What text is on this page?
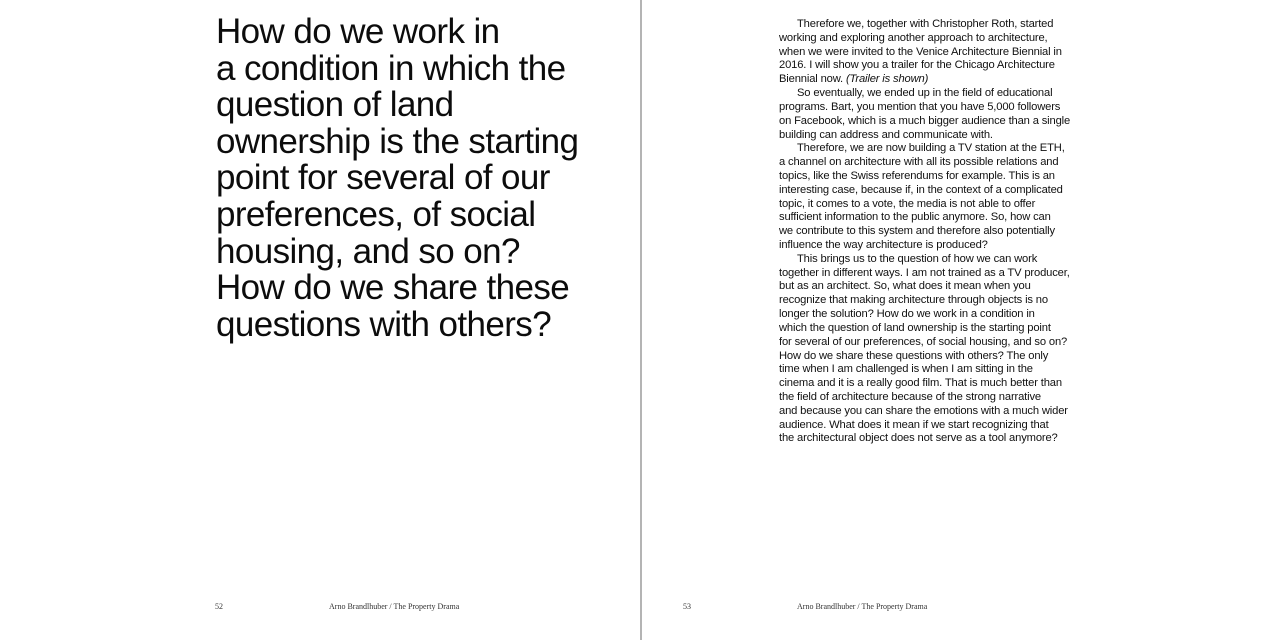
How do we work in
a condition in which the
question of land
ownership is the starting
point for several of our
preferences, of social
housing, and so on?
How do we share these
questions with others?
52	Arno Brandlhuber / The Property Drama

Therefore we, together with Christopher Roth, started
working and exploring another approach to architecture,
when we were invited to the Venice Architecture Biennial in
2016. I will show you a trailer for the Chicago Architecture
Biennial now. (Trailer is shown)

So eventually, we ended up in the field of educational
programs. Bart, you mention that you have 5,000 followers
on Facebook, which is a much bigger audience than a single
building can address and communicate with.

Therefore, we are now building a TV station at the ETH,
a channel on architecture with all its possible relations and
topics, like the Swiss referendums for example. This is an
interesting case, because if, in the context of a complicated
topic, it comes to a vote, the media is not able to offer
sufficient information to the public anymore. So, how can
we contribute to this system and therefore also potentially
influence the way architecture is produced?

This brings us to the question of how we can work
together in different ways. I am not trained as a TV producer,
but as an architect. So, what does it mean when you
recognize that making architecture through objects is no
longer the solution? How do we work in a condition in
which the question of land ownership is the starting point
for several of our preferences, of social housing, and so on?
How do we share these questions with others? The only
time when I am challenged is when I am sitting in the
cinema and it is a really good film. That is much better than
the field of architecture because of the strong narrative
and because you can share the emotions with a much wider
audience. What does it mean if we start recognizing that
the architectural object does not serve as a tool anymore?

53	Arno Brandlhuber / The Property Drama
